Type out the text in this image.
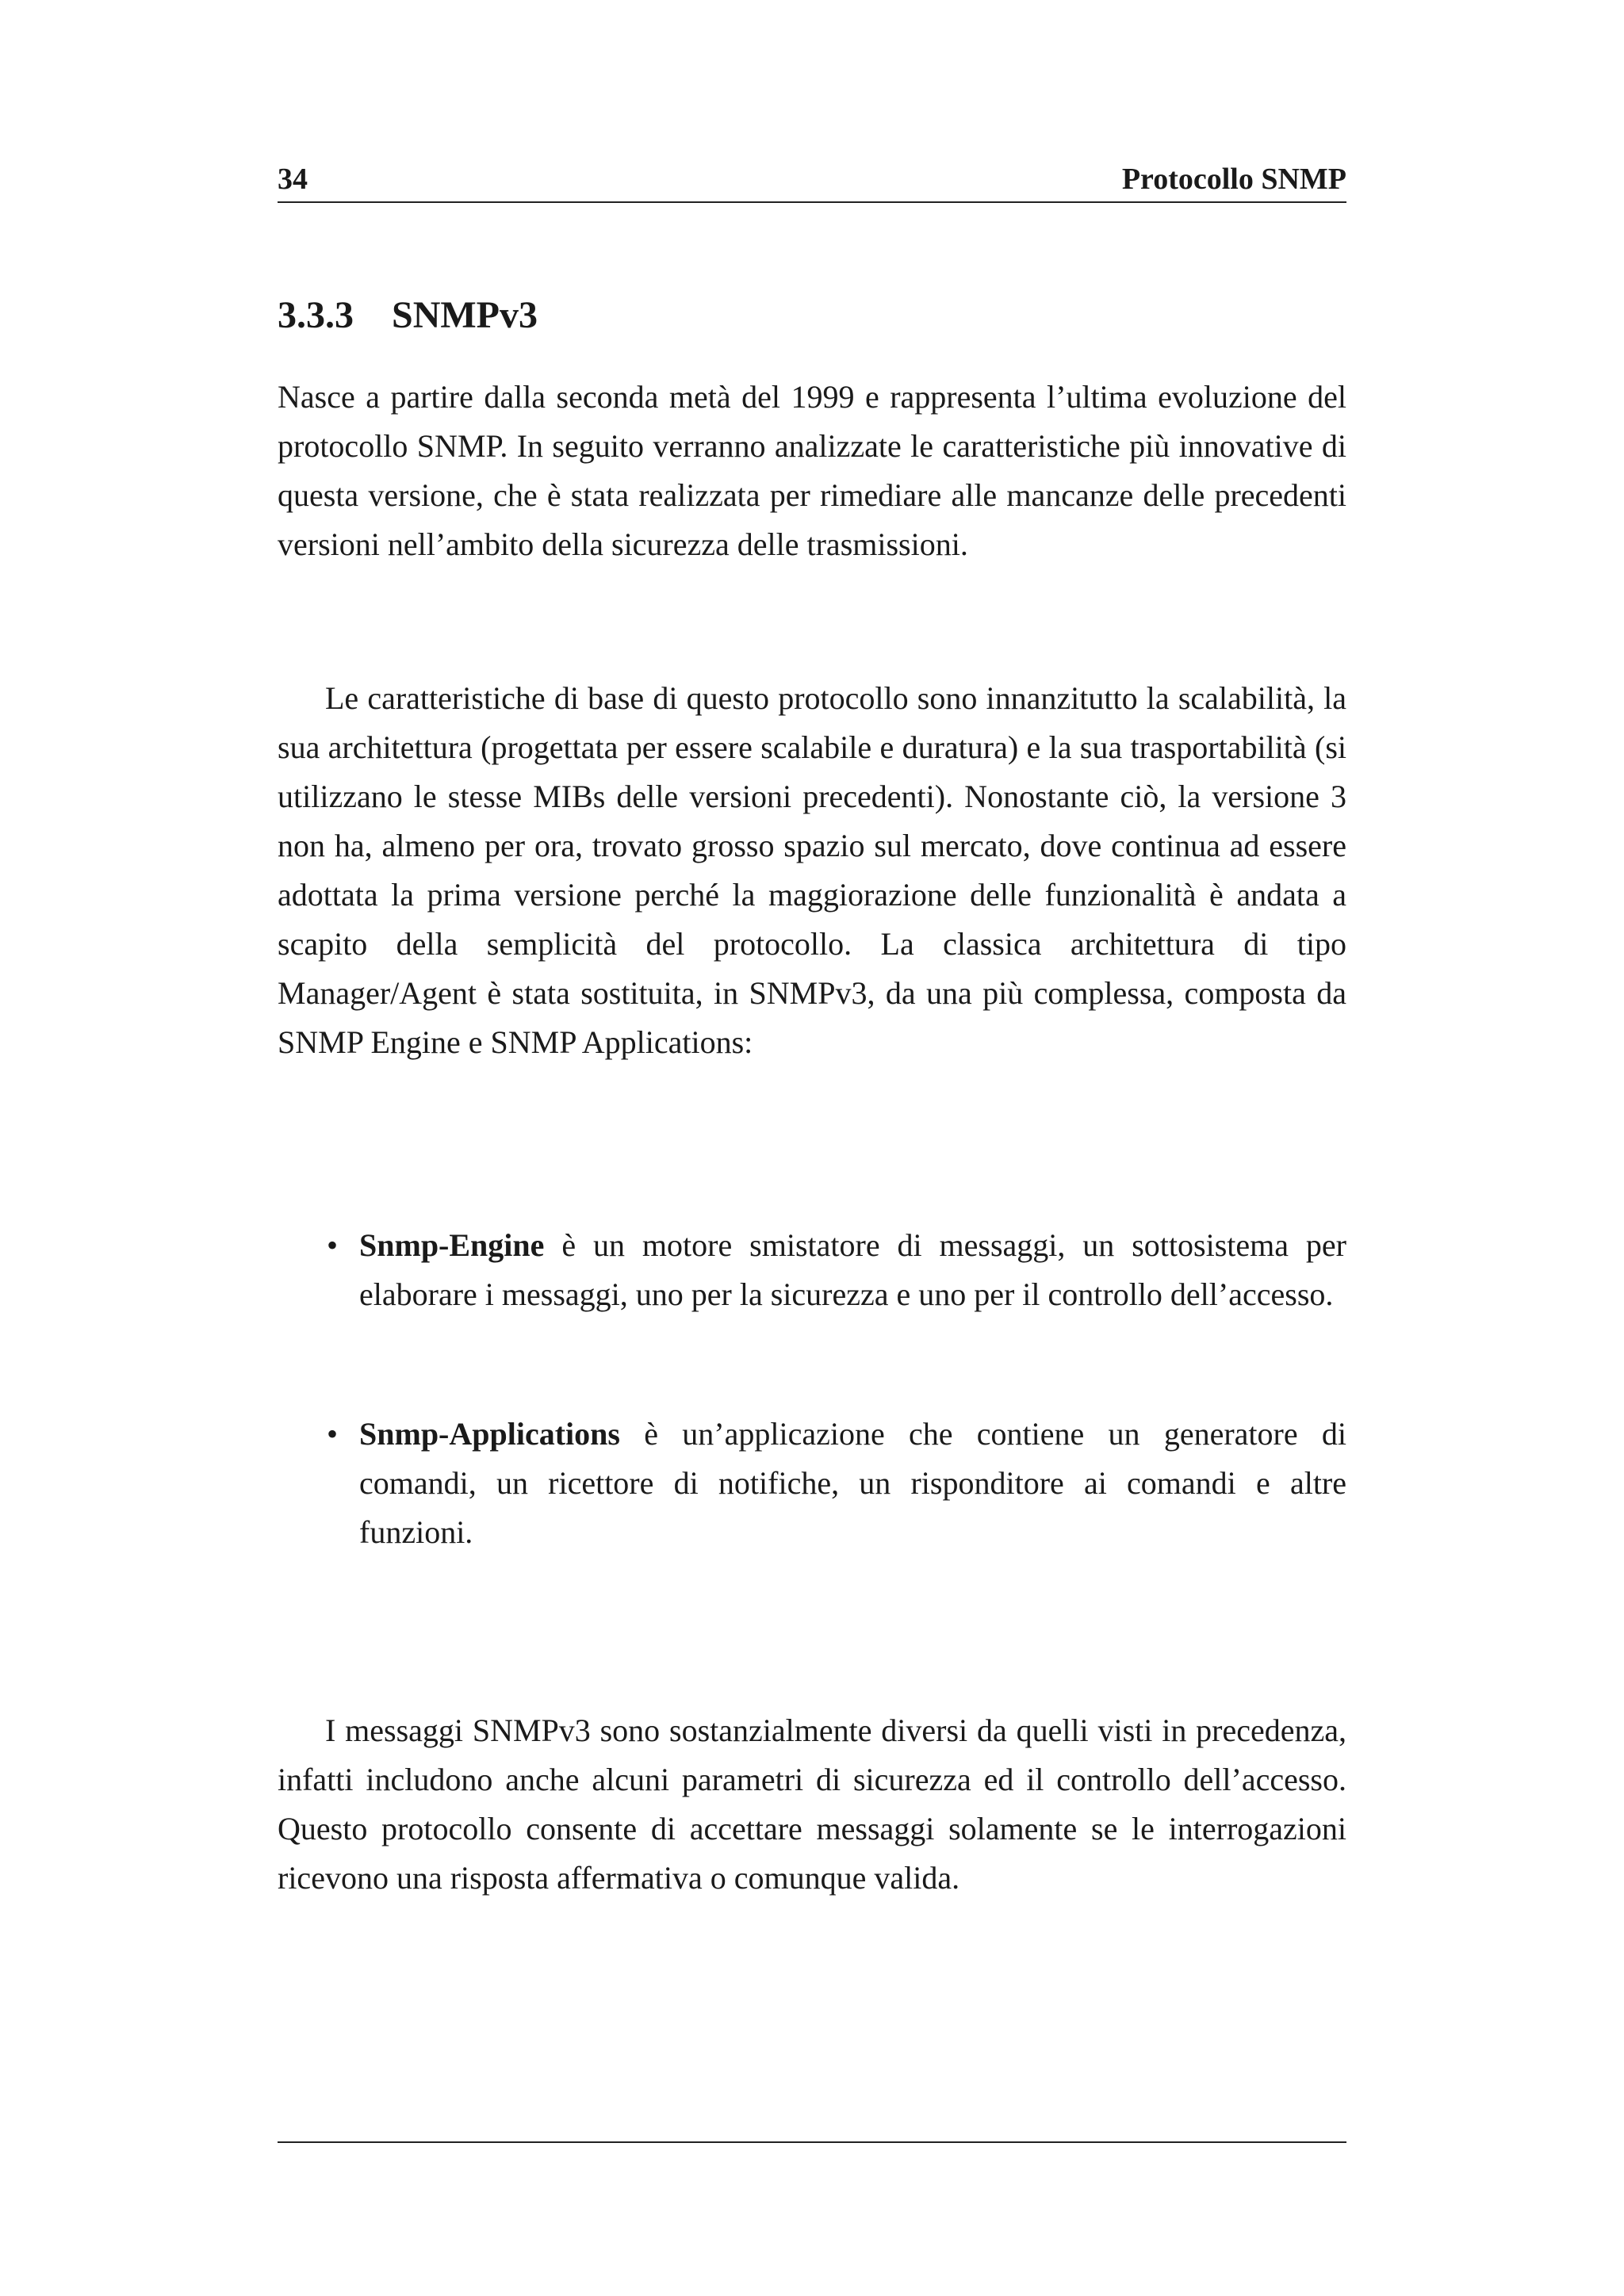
34	Protocollo SNMP
3.3.3 SNMPv3

Nasce a partire dalla seconda metà del 1999 e rappresenta l’ultima evoluzione del protocollo SNMP. In seguito verranno analizzate le caratteristiche più innovative di questa versione, che è stata realizzata per rimediare alle mancanze delle precedenti versioni nell’ambito della sicurezza delle trasmissioni.

Le caratteristiche di base di questo protocollo sono innanzitutto la scalabilità, la sua architettura (progettata per essere scalabile e duratura) e la sua trasportabilità (si utilizzano le stesse MIBs delle versioni precedenti). Nonostante ciò, la versione 3 non ha, almeno per ora, trovato grosso spazio sul mercato, dove continua ad essere adottata la prima versione perché la maggiorazione delle funzionalità è andata a scapito della semplicità del protocollo. La classica architettura di tipo Manager/Agent è stata sostituita, in SNMPv3, da una più complessa, composta da SNMP Engine e SNMP Applications:

• Snmp-Engine è un motore smistatore di messaggi, un sottosistema per elaborare i messaggi, uno per la sicurezza e uno per il controllo dell’accesso.
• Snmp-Applications è un’applicazione che contiene un generatore di comandi, un ricettore di notifiche, un risponditore ai comandi e altre funzioni.

I messaggi SNMPv3 sono sostanzialmente diversi da quelli visti in precedenza, infatti includono anche alcuni parametri di sicurezza ed il controllo dell’accesso. Questo protocollo consente di accettare messaggi solamente se le interrogazioni ricevono una risposta affermativa o comunque valida.
